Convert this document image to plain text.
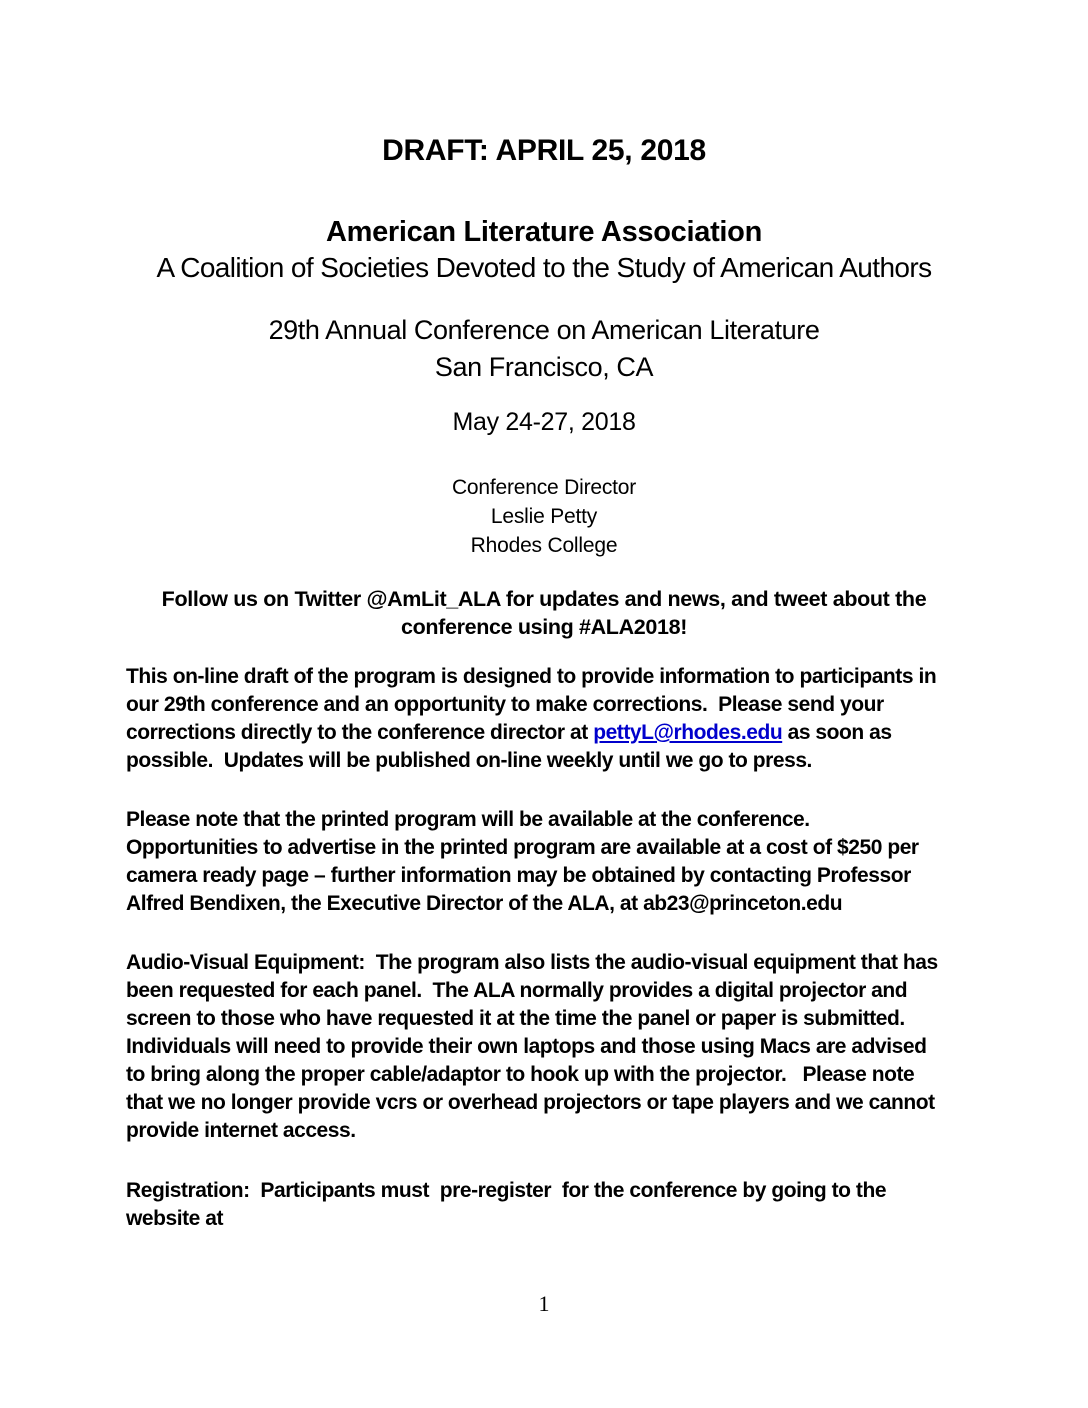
DRAFT: APRIL 25, 2018
American Literature Association
A Coalition of Societies Devoted to the Study of American Authors
29th Annual Conference on American Literature
San Francisco, CA
May 24-27, 2018
Conference Director
Leslie Petty
Rhodes College
Follow us on Twitter @AmLit_ALA for updates and news, and tweet about the
conference using #ALA2018!
This on-line draft of the program is designed to provide information to participants in
our 29th conference and an opportunity to make corrections.  Please send your
corrections directly to the conference director at pettyL@rhodes.edu as soon as
possible.  Updates will be published on-line weekly until we go to press.
Please note that the printed program will be available at the conference.
Opportunities to advertise in the printed program are available at a cost of $250 per
camera ready page – further information may be obtained by contacting Professor
Alfred Bendixen, the Executive Director of the ALA, at ab23@princeton.edu
Audio-Visual Equipment:  The program also lists the audio-visual equipment that has
been requested for each panel.  The ALA normally provides a digital projector and
screen to those who have requested it at the time the panel or paper is submitted.
Individuals will need to provide their own laptops and those using Macs are advised
to bring along the proper cable/adaptor to hook up with the projector.   Please note
that we no longer provide vcrs or overhead projectors or tape players and we cannot
provide internet access.
Registration:  Participants must  pre-register  for the conference by going to the
website at
1
